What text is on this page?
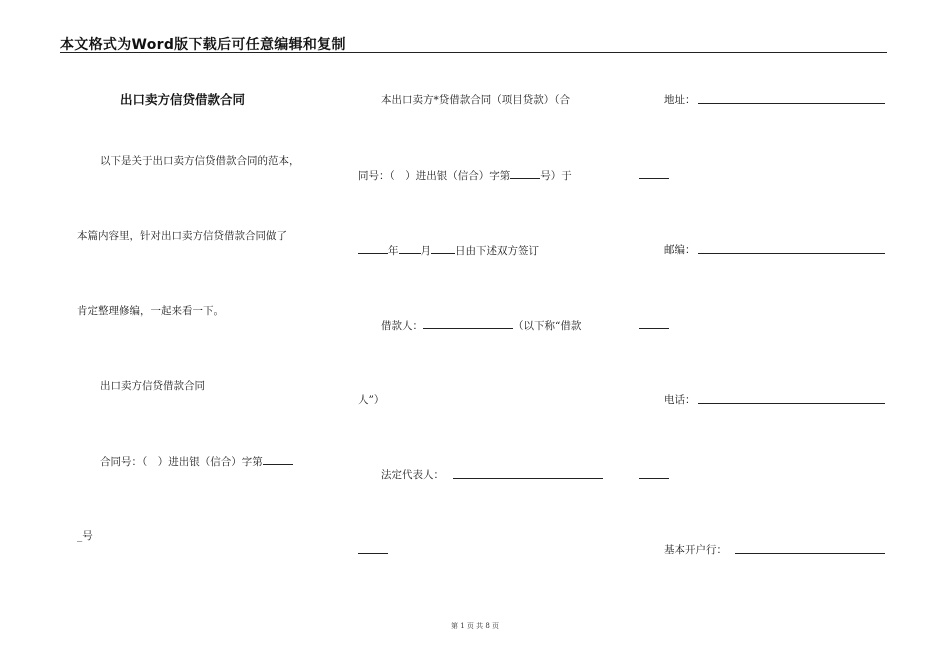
本文格式为Word版下载后可任意编辑和复制
出口卖方信贷借款合同
以下是关于出口卖方信贷借款合同的范本，
本篇内容里，针对出口卖方信贷借款合同做了
肯定整理修编，一起来看一下。
出口卖方信贷借款合同
合同号：（　）进出银（信合）字第
_号
本出口卖方*贷借款合同（项目贷款）（合
同号：（　）进出银（信合）字第	号）于
年 月 日由下述双方签订
借款人：	（以下称“借款
人”）
法定代表人：
地址：
邮编：
电话：
基本开户行：
第 1 页 共 8 页
